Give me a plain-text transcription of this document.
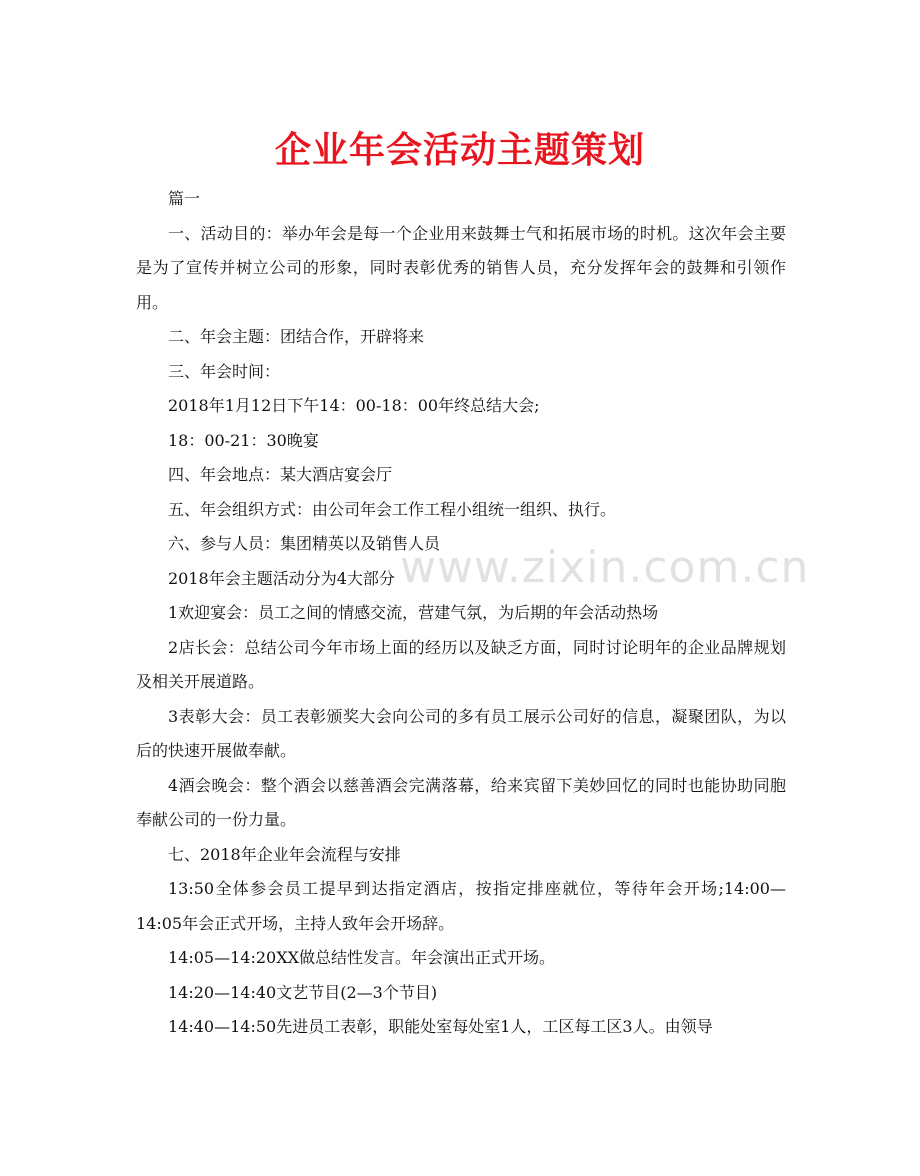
企业年会活动主题策划

篇一

一、活动目的：举办年会是每一个企业用来鼓舞士气和拓展市场的时机。这次年会主要是为了宣传并树立公司的形象，同时表彰优秀的销售人员，充分发挥年会的鼓舞和引领作用。

二、年会主题：团结合作，开辟将来

三、年会时间：

2018年1月12日下午14：00-18：00年终总结大会;

18：00-21：30晚宴

四、年会地点：某大酒店宴会厅

五、年会组织方式：由公司年会工作工程小组统一组织、执行。

六、参与人员：集团精英以及销售人员

2018年会主题活动分为4大部分

1欢迎宴会：员工之间的情感交流，营建气氛，为后期的年会活动热场

2店长会：总结公司今年市场上面的经历以及缺乏方面，同时讨论明年的企业品牌规划及相关开展道路。

3表彰大会：员工表彰颁奖大会向公司的多有员工展示公司好的信息，凝聚团队，为以后的快速开展做奉献。

4酒会晚会：整个酒会以慈善酒会完满落幕，给来宾留下美妙回忆的同时也能协助同胞奉献公司的一份力量。

七、2018年企业年会流程与安排

13:50全体参会员工提早到达指定酒店，按指定排座就位，等待年会开场;14:00—14:05年会正式开场，主持人致年会开场辞。

14:05—14:20XX做总结性发言。年会演出正式开场。

14:20—14:40文艺节目(2—3个节目)

14:40—14:50先进员工表彰，职能处室每处室1人，工区每工区3人。由领导

www.zixin.com.cn
